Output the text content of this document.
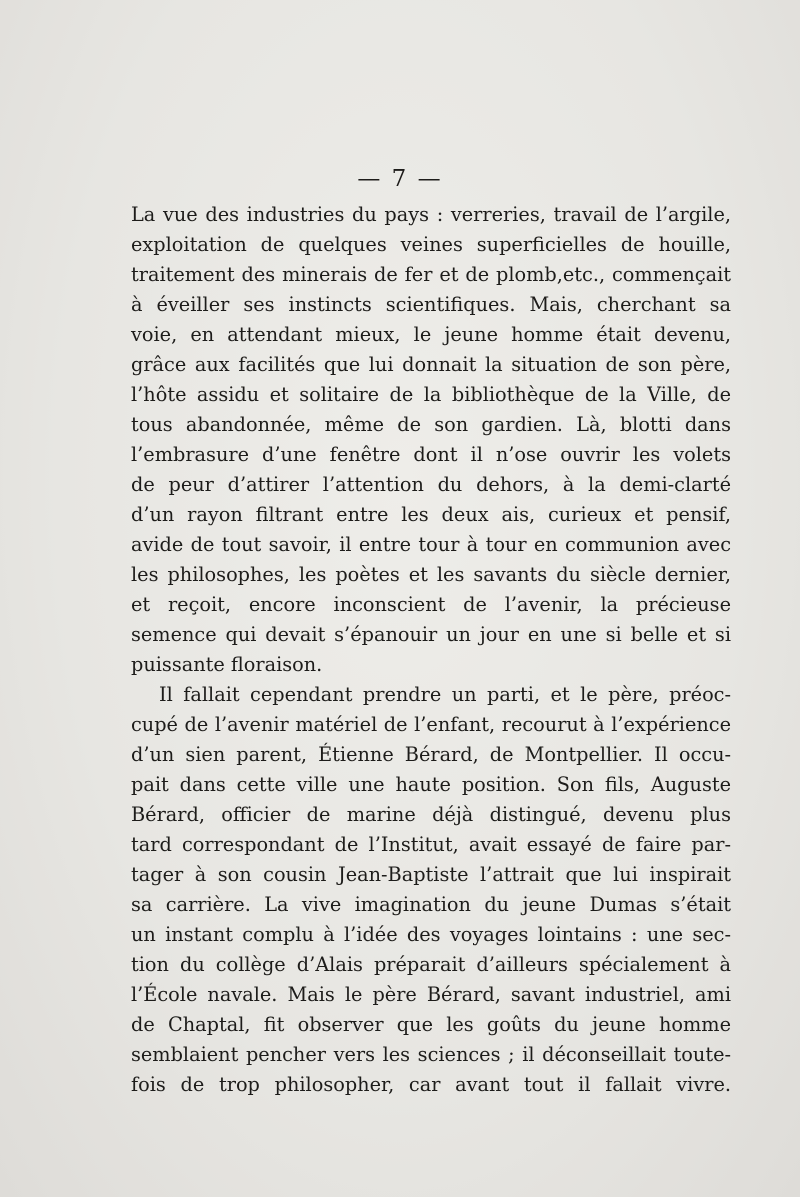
— 7 —
La vue des industries du pays : verreries, travail de l’argile,
exploitation de quelques veines superficielles de houille,
traitement des minerais de fer et de plomb,etc., commençait
à éveiller ses instincts scientifiques. Mais, cherchant sa
voie, en attendant mieux, le jeune homme était devenu,
grâce aux facilités que lui donnait la situation de son père,
l’hôte assidu et solitaire de la bibliothèque de la Ville, de
tous abandonnée, même de son gardien. Là, blotti dans
l’embrasure d’une fenêtre dont il n’ose ouvrir les volets
de peur d’attirer l’attention du dehors, à la demi-clarté
d’un rayon filtrant entre les deux ais, curieux et pensif,
avide de tout savoir, il entre tour à tour en communion avec
les philosophes, les poètes et les savants du siècle dernier,
et reçoit, encore inconscient de l’avenir, la précieuse
semence qui devait s’épanouir un jour en une si belle et si
puissante floraison.
Il fallait cependant prendre un parti, et le père, préoc-
cupé de l’avenir matériel de l’enfant, recourut à l’expérience
d’un sien parent, Étienne Bérard, de Montpellier. Il occu-
pait dans cette ville une haute position. Son fils, Auguste
Bérard, officier de marine déjà distingué, devenu plus
tard correspondant de l’Institut, avait essayé de faire par-
tager à son cousin Jean-Baptiste l’attrait que lui inspirait
sa carrière. La vive imagination du jeune Dumas s’était
un instant complu à l’idée des voyages lointains : une sec-
tion du collège d’Alais préparait d’ailleurs spécialement à
l’École navale. Mais le père Bérard, savant industriel, ami
de Chaptal, fit observer que les goûts du jeune homme
semblaient pencher vers les sciences ; il déconseillait toute-
fois de trop philosopher, car avant tout il fallait vivre.
